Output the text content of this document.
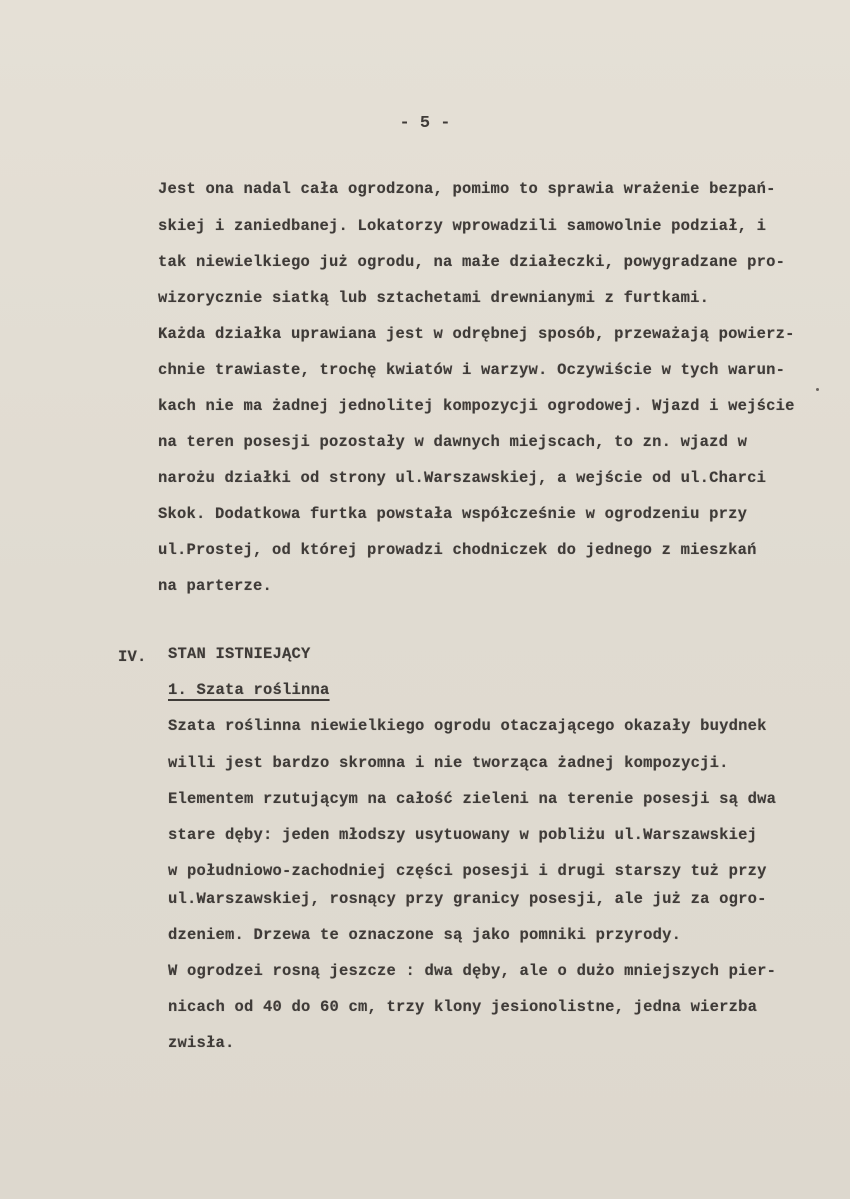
- 5 -
Jest ona nadal cała ogrodzona, pomimo to sprawia wrażenie bezpań-
skiej i zaniedbanej. Lokatorzy wprowadzili samowolnie podział, i
tak niewielkiego już ogrodu, na małe działeczki, powygradzane pro-
wizorycznie siatką lub sztachetami drewnianymi z furtkami.
Każda działka uprawiana jest w odrębnej sposób, przeważają powierz-
chnie trawiaste, trochę kwiatów i warzyw. Oczywiście w tych warun-
kach nie ma żadnej jednolitej kompozycji ogrodowej. Wjazd i wejście
na teren posesji pozostały w dawnych miejscach, to zn. wjazd w
narożu działki od strony ul.Warszawskiej, a wejście od ul.Charci
Skok. Dodatkowa furtka powstała współcześnie w ogrodzeniu przy
ul.Prostej, od której prowadzi chodniczek do jednego z mieszkań
na parterze.
IV. STAN ISTNIEJĄCY
1. Szata roślinna
Szata roślinna niewielkiego ogrodu otaczającego okazały buydnek
willi jest bardzo skromna i nie tworząca żadnej kompozycji.
Elementem rzutującym na całość zieleni na terenie posesji są dwa
stare dęby: jeden młodszy usytuowany w pobliżu ul.Warszawskiej
w południowo-zachodniej części posesji i drugi starszy tuż przy
ul.Warszawskiej, rosnący przy granicy posesji, ale już za ogro-
dzeniem. Drzewa te oznaczone są jako pomniki przyrody.
W ogrodzei rosną jeszcze : dwa dęby, ale o dużo mniejszych pier-
nicach od 40 do 60 cm, trzy klony jesionolistne, jedna wierzba
zwisła.
